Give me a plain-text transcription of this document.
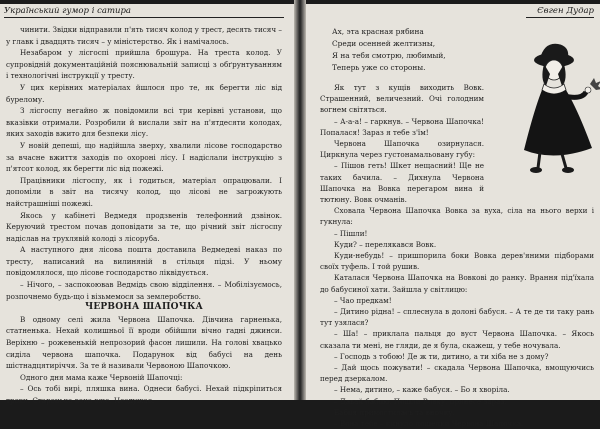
Український гумор і сатира

чинити. Звідки відправили п'ять тисяч колод у трест, десять тисяч – у главк і двадцять тисяч – у міністерство. Як і намічалось.

Незабаром у лісгоспі прийшла брошура. На треста колод. У супровідній документаційній пояснювальній записці з обґрунтуванням і технологічні інструкції у тресту.

У цих керівних матеріалах йшлося про те, як берегти ліс від бурелому.

З лісгоспу негайно ж повідомили всі три керівні установи, що вказівки отримали. Розробили й вислали звіт на п'ятдесяти колодах, яких заходів вжито для безпеки лісу.

У новій депеші, що надійшла зверху, хвалили лісове господарство за вчасне вжиття заходів по охороні лісу. І надіслали інструкцію з п'ятсот колод, як берегти ліс від пожежі.

Працівники лісгоспу, як і годиться, матеріал опрацювали. І допоміли в звіт на тисячу колод, що лісові не загрожують найстрашніші пожежі.

Якось у кабінеті Ведмедя продзвенів телефонний дзвінок. Керуючий трестом почав доповідати за те, що річний звіт лісгоспу надіслав на трухлявій колоді з лісоруба.

А наступного дня лісова пошта доставила Ведмедеві наказ по тресту, написаний на вилиняній в стільця підзі. У ньому повідомлялося, що лісове господарство ліквідується.

– Нічого, – заспокоював Ведмідь свою відділення. – Мобілізуємось, розпочнемо будь-що і візьмемося за землеробство.

ЧЕРВОНА ШАПОЧКА

В одному селі жила Червона Шапочка. Дівчина гарненька, статненька. Нехай колишньої її вроди обійшли вічно гадні джинси. Веріхню – рожевенькій непрозорий фасон лишили. На голові хвацько сиділа червона шапочка. Подарунок від бабусі на день шістнадцятиріччя. За те й називали Червоною Шапочкою.

Одного дня мама каже Червоній Шапочці:

– Ось тобі вирі, пляшка вина. Однеси бабусі. Нехай підкріпиться трохи. Старенька вона вже. Нездужає.

Євген Дудар
Ах, эта красная рябина
Среди осенней желтизны,
Я на тебя смотрю, любимый,
Теперь уже со стороны.

Як тут з кущів виходить Вовк. Страшенний, величезний. Очі голодним вогнем світяться.

– А-а-а! – гаркнув. – Червона Шапочка! Попалася! Зараз я тебе з'їм!

Червона Шапочка озирнулася. Циркнула через густонамальовану губу:

– Пішов геть! Шкет нещасний! Ще не таких бачила. – Дихнула Червона Шапочка на Вовка перегаром вина й тютюну. Вовк очманів.

Сховала Червона Шапочка Вовка за вуха, сіла на нього верхи і гукнула:

– Пішли!

Куди? – перелякався Вовк.

Куди-небудь! – пришпорила боки Вовка дерев'яними підборами своїх туфель. І той рушив.

Каталася Червона Шапочка на Вовкові до ранку. Врання під'їхала до бабусиної хати. Зайшла у світлицю:

– Чао предкам!

– Дитино рідна! – сплеснула в долоні бабуся. – А те де ти таку рань тут узялася?

– Ша! – приклала пальця до вуст Червона Шапочка. – Якось сказала ти мені, не гляди, де я була, скажеш, у тебе ночувала.

– Господь з тобою! Де ж ти, дитино, а ти хіба не з дому?

– Дай щось пожувати! – скадала Червона Шапочка, вмощуючись перед дзеркалом.

– Нема, дитино, – каже бабуся. – Бо я хворіла.

– Давай бабцю. Пошли Вовку, принесе зараз.

Бабця примостилась та вночку.

– Вона тебе – кинуло пошепки Червона Шапочка.
